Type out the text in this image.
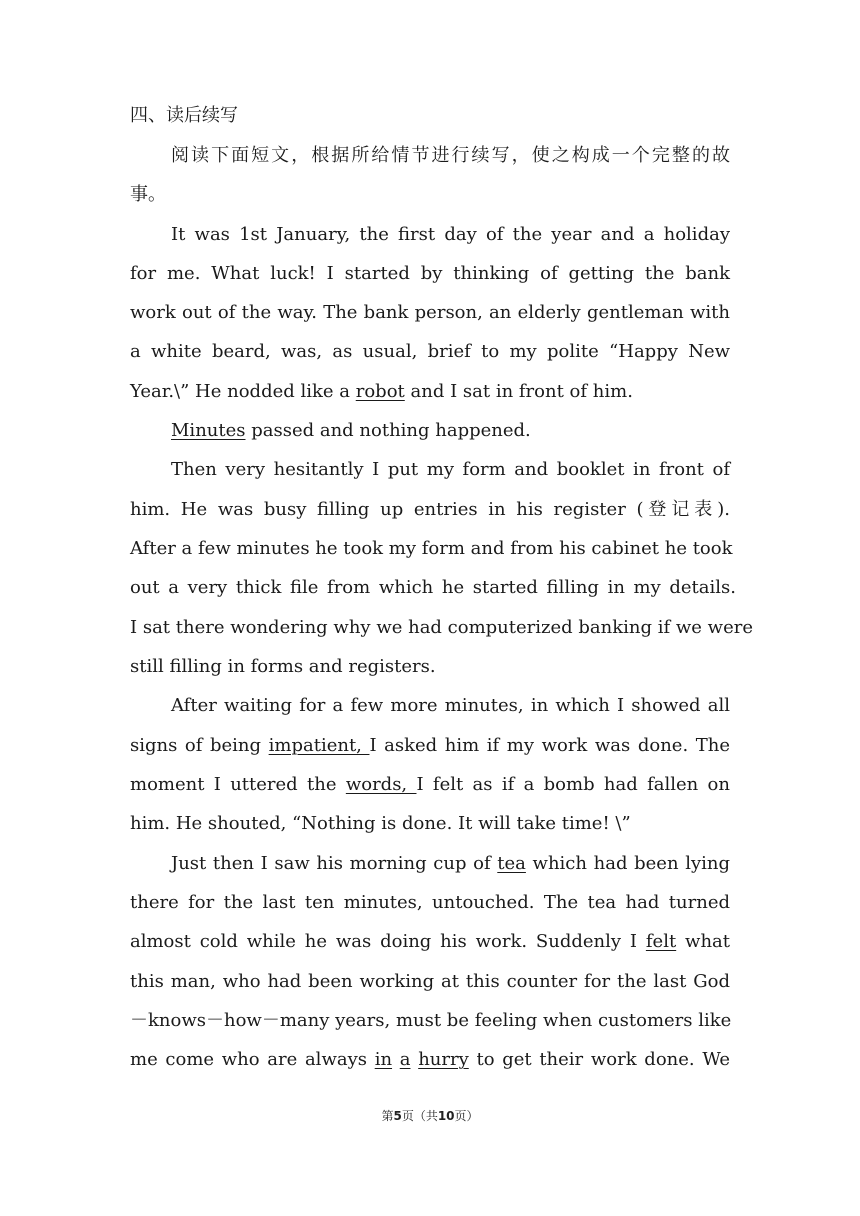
四、读后续写
阅读下面短文，根据所给情节进行续写，使之构成一个完整的故
事。
It was 1st January, the first day of the year and a holiday
for me. What luck! I started by thinking of getting the bank
work out of the way. The bank person, an elderly gentleman with
a white beard, was, as usual, brief to my polite “Happy New
Year.\” He nodded like a robot and I sat in front of him.
Minutes passed and nothing happened.
Then very hesitantly I put my form and booklet in front of
him. He was busy filling up entries in his register (登记表).
After a few minutes he took my form and from his cabinet he took
out a very thick file from which he started filling in my details.
I sat there wondering why we had computerized banking if we were
still filling in forms and registers.
After waiting for a few more minutes, in which I showed all
signs of being impatient, I asked him if my work was done. The
moment I uttered the words, I felt as if a bomb had fallen on
him. He shouted, “Nothing is done. It will take time! \”
Just then I saw his morning cup of tea which had been lying
there for the last ten minutes, untouched. The tea had turned
almost cold while he was doing his work. Suddenly I felt what
this man, who had been working at this counter for the last God
－knows－how－many years, must be feeling when customers like
me come who are always in a hurry to get their work done. We
第5页（共10页）
